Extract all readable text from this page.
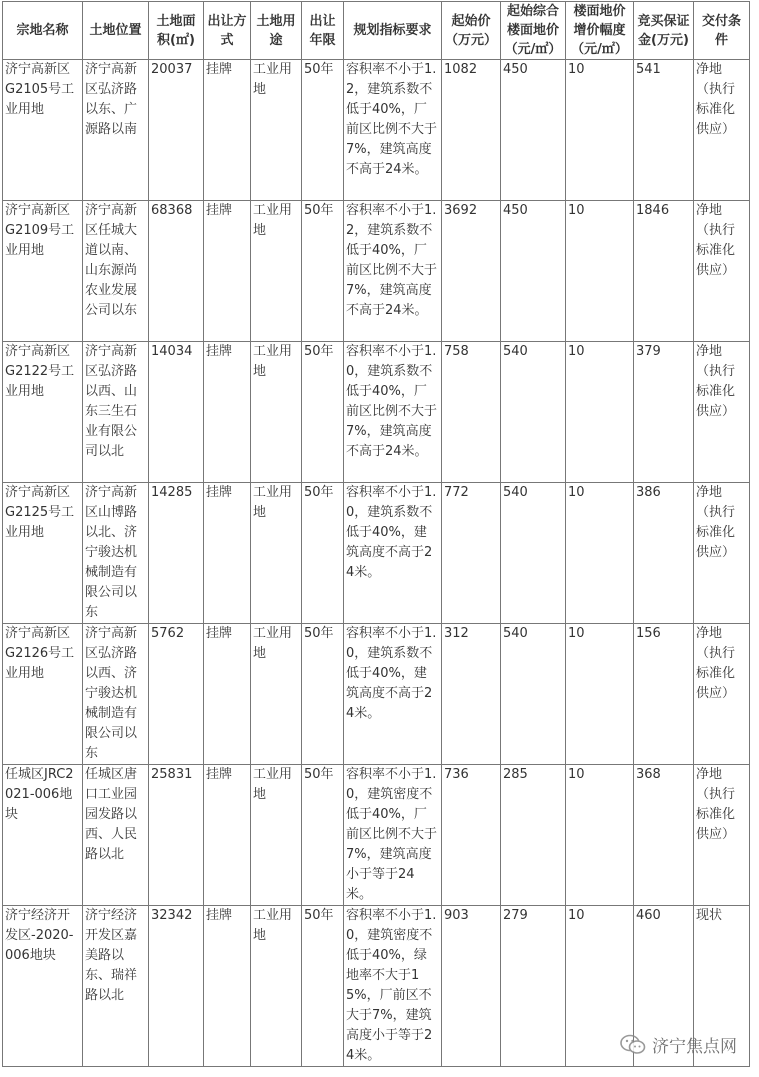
宗地名称	土地位置	土地面积(㎡)	出让方式	土地用途	出让年限	规划指标要求	起始价（万元）	起始综合楼面地价（元/㎡）	楼面地价增价幅度（元/㎡）	竞买保证金(万元)	交付条件
济宁高新区G2105号工业用地	济宁高新区弘济路以东、广源路以南	20037	挂牌	工业用地	50年	容积率不小于1.2，建筑系数不低于40%，厂前区比例不大于7%，建筑高度不高于24米。	1082	450	10	541	净地（执行标准化供应）
济宁高新区G2109号工业用地	济宁高新区任城大道以南、山东源尚农业发展公司以东	68368	挂牌	工业用地	50年	容积率不小于1.2，建筑系数不低于40%，厂前区比例不大于7%，建筑高度不高于24米。	3692	450	10	1846	净地（执行标准化供应）
济宁高新区G2122号工业用地	济宁高新区弘济路以西、山东三生石业有限公司以北	14034	挂牌	工业用地	50年	容积率不小于1.0，建筑系数不低于40%，厂前区比例不大于7%，建筑高度不高于24米。	758	540	10	379	净地（执行标准化供应）
济宁高新区G2125号工业用地	济宁高新区山博路以北、济宁骏达机械制造有限公司以东	14285	挂牌	工业用地	50年	容积率不小于1.0，建筑系数不低于40%，建筑高度不高于24米。	772	540	10	386	净地（执行标准化供应）
济宁高新区G2126号工业用地	济宁高新区弘济路以西、济宁骏达机械制造有限公司以东	5762	挂牌	工业用地	50年	容积率不小于1.0，建筑系数不低于40%，建筑高度不高于24米。	312	540	10	156	净地（执行标准化供应）
任城区JRC2021-006地块	任城区唐口工业园园发路以西、人民路以北	25831	挂牌	工业用地	50年	容积率不小于1.0，建筑密度不低于40%，厂前区比例不大于7%，建筑高度小于等于24米。	736	285	10	368	净地（执行标准化供应）
济宁经济开发区-2020-006地块	济宁经济开发区嘉美路以东、瑞祥路以北	32342	挂牌	工业用地	50年	容积率不小于1.0，建筑密度不低于40%，绿地率不大于15%，厂前区不大于7%，建筑高度小于等于24米。	903	279	10	460	现状
济宁焦点网
